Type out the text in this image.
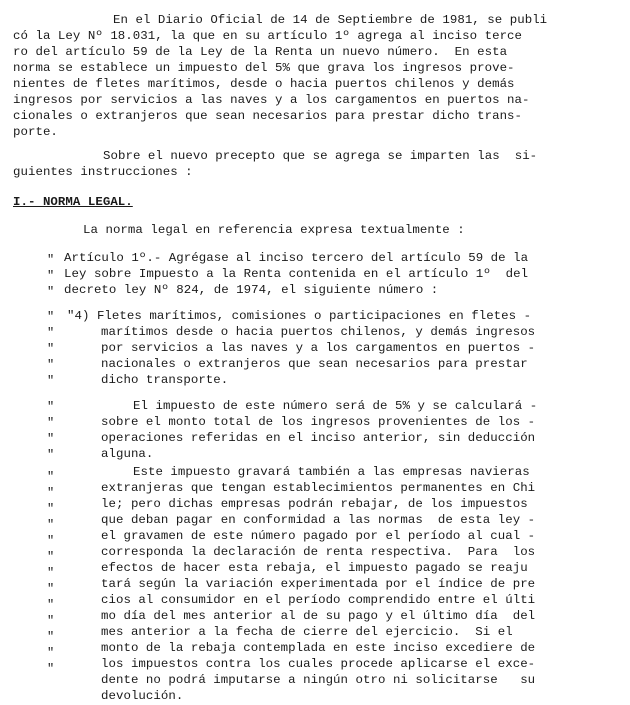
En el Diario Oficial de 14 de Septiembre de 1981, se publi
có la Ley Nº 18.031, la que en su artículo 1º agrega al inciso terce
ro del artículo 59 de la Ley de la Renta un nuevo número.  En esta
norma se establece un impuesto del 5% que grava los ingresos prove-
nientes de fletes marítimos, desde o hacia puertos chilenos y demás
ingresos por servicios a las naves y a los cargamentos en puertos na-
cionales o extranjeros que sean necesarios para prestar dicho trans-
porte.
Sobre el nuevo precepto que se agrega se imparten las  si-
guientes instrucciones :
I.- NORMA LEGAL.
La norma legal en referencia expresa textualmente :
"
"
"
Artículo 1º.- Agrégase al inciso tercero del artículo 59 de la
Ley sobre Impuesto a la Renta contenida en el artículo 1º  del
decreto ley Nº 824, de 1974, el siguiente número :
"
"
"
"
"
"4) Fletes marítimos, comisiones o participaciones en fletes -
marítimos desde o hacia puertos chilenos, y demás ingresos
por servicios a las naves y a los cargamentos en puertos -
nacionales o extranjeros que sean necesarios para prestar
dicho transporte.
"
"
"
"
El impuesto de este número será de 5% y se calculará -
sobre el monto total de los ingresos provenientes de los -
operaciones referidas en el inciso anterior, sin deducción
alguna.
"
"
"
"
"
"
"
"
"
"
"
"
"
Este impuesto gravará también a las empresas navieras
extranjeras que tengan establecimientos permanentes en Chi
le; pero dichas empresas podrán rebajar, de los impuestos
que deban pagar en conformidad a las normas  de esta ley -
el gravamen de este número pagado por el período al cual -
corresponda la declaración de renta respectiva.  Para  los
efectos de hacer esta rebaja, el impuesto pagado se reaju
tará según la variación experimentada por el índice de pre
cios al consumidor en el período comprendido entre el últi
mo día del mes anterior al de su pago y el último día  del
mes anterior a la fecha de cierre del ejercicio.  Si el
monto de la rebaja contemplada en este inciso excediere de
los impuestos contra los cuales procede aplicarse el exce-
dente no podrá imputarse a ningún otro ni solicitarse   su
devolución.
